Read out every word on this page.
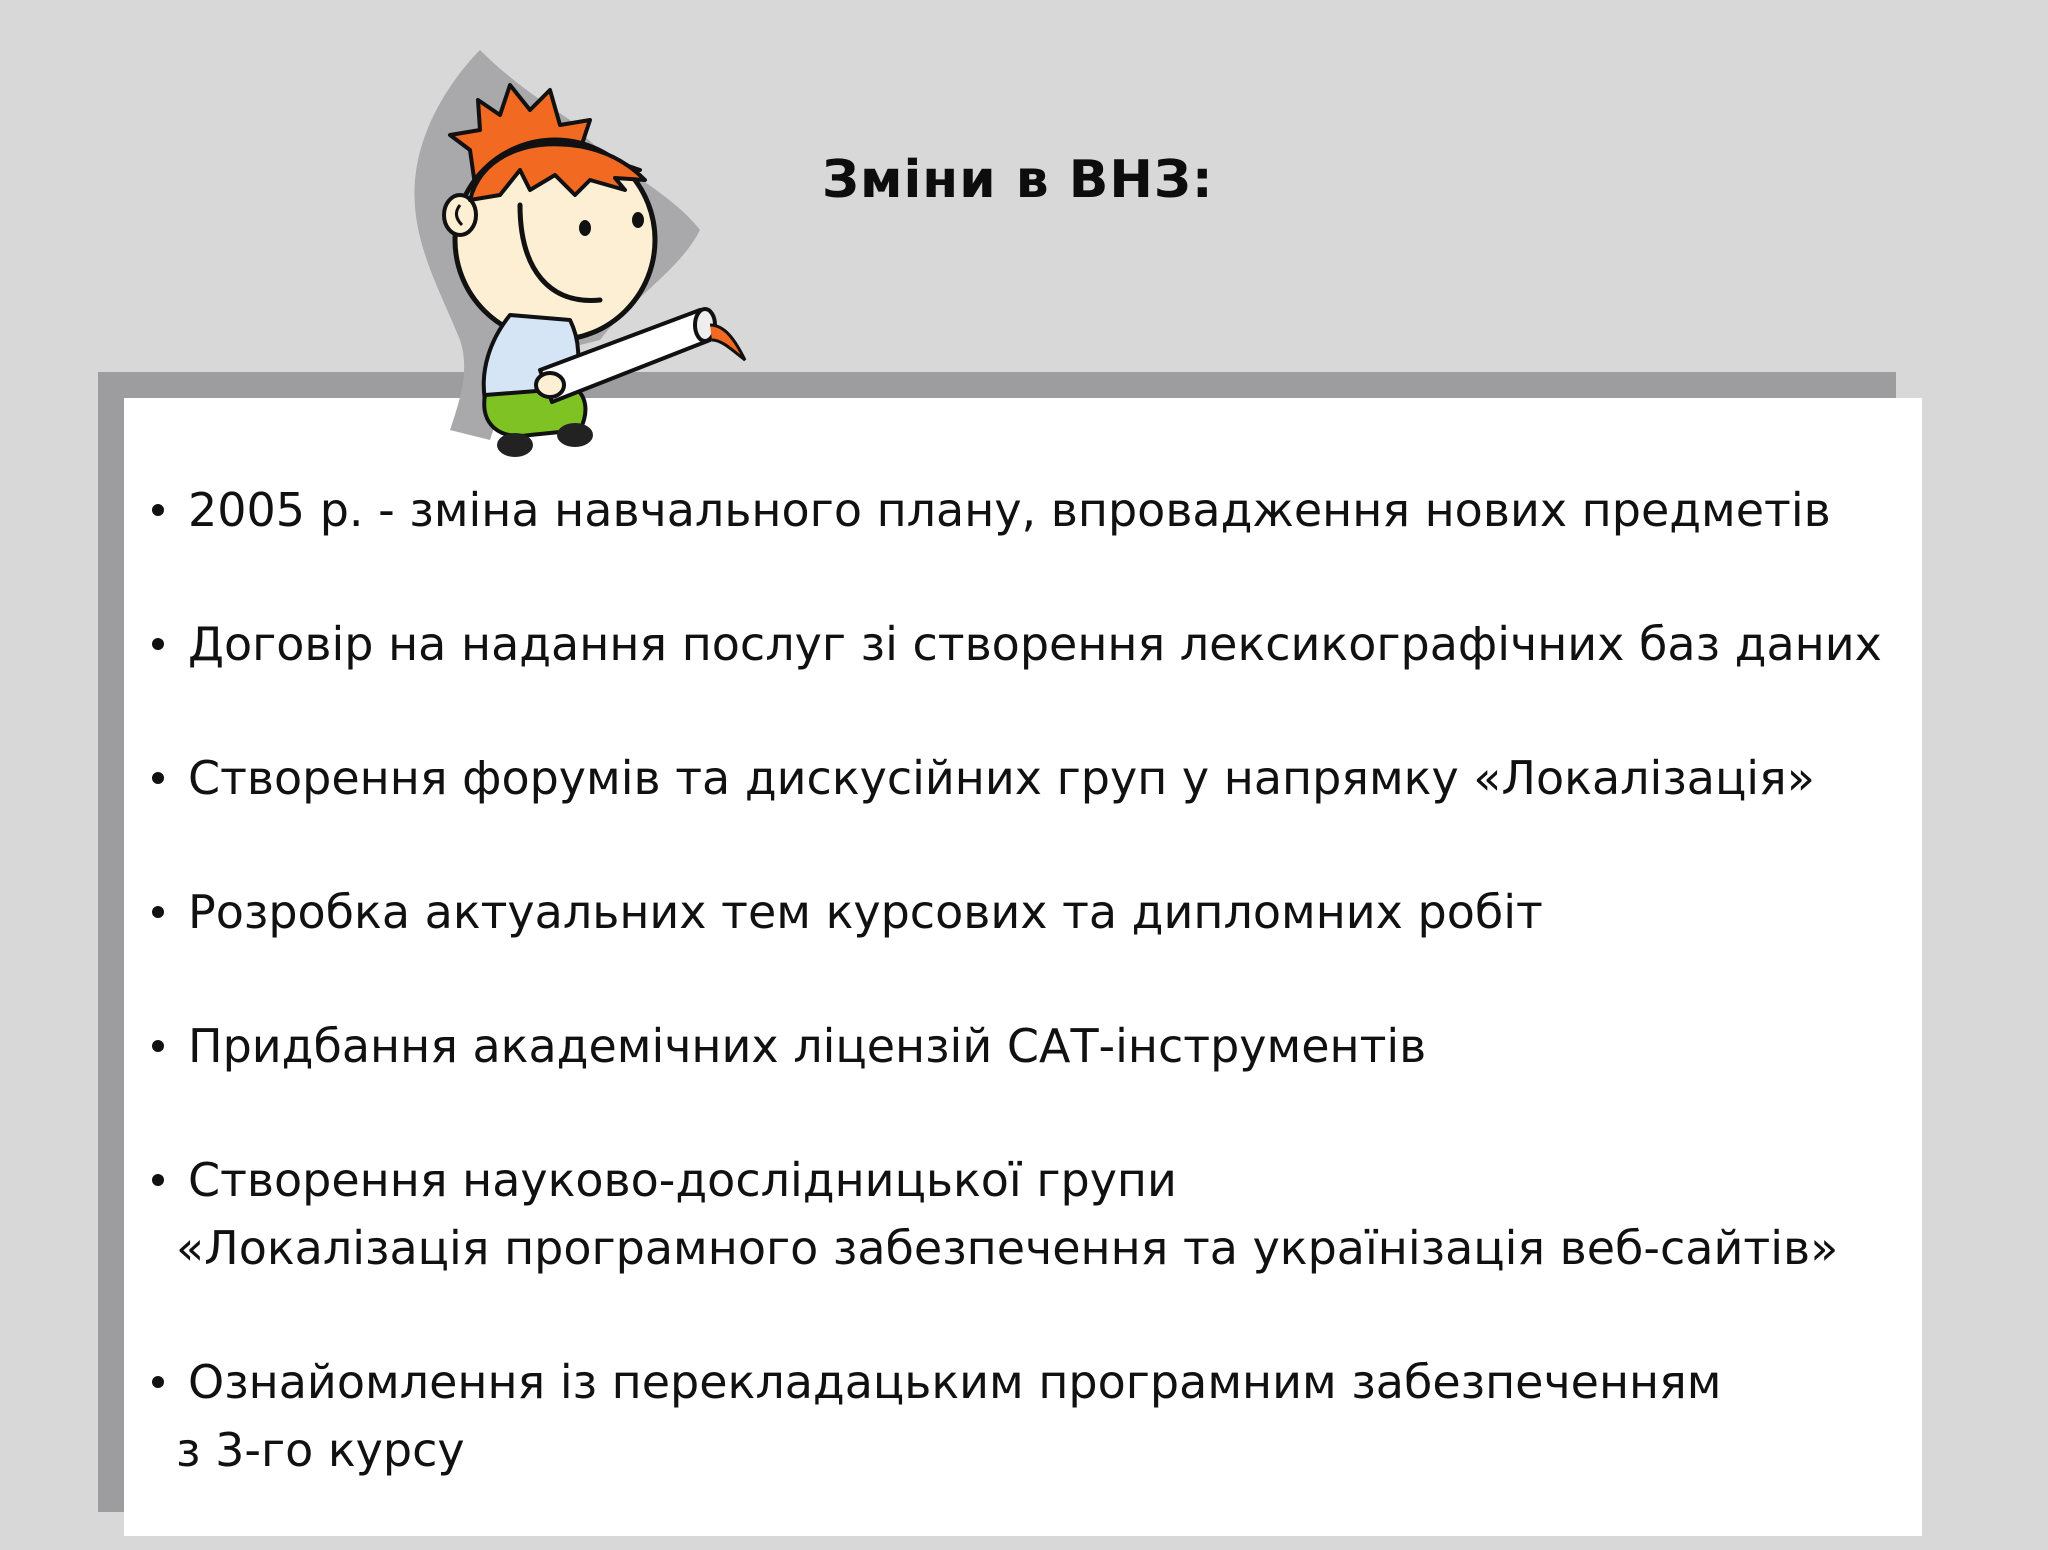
Зміни в ВНЗ:
2005 р. - зміна навчального плану, впровадження нових предметів
Договір на надання послуг зі створення лексикографічних баз даних
Створення форумів та дискусійних груп у напрямку «Локалізація»
Розробка актуальних тем курсових та дипломних робіт
Придбання академічних ліцензій САТ-інструментів
Створення науково-дослідницької групи
«Локалізація програмного забезпечення та українізація веб-сайтів»
Ознайомлення із перекладацьким програмним забезпеченням
з 3-го курсу
